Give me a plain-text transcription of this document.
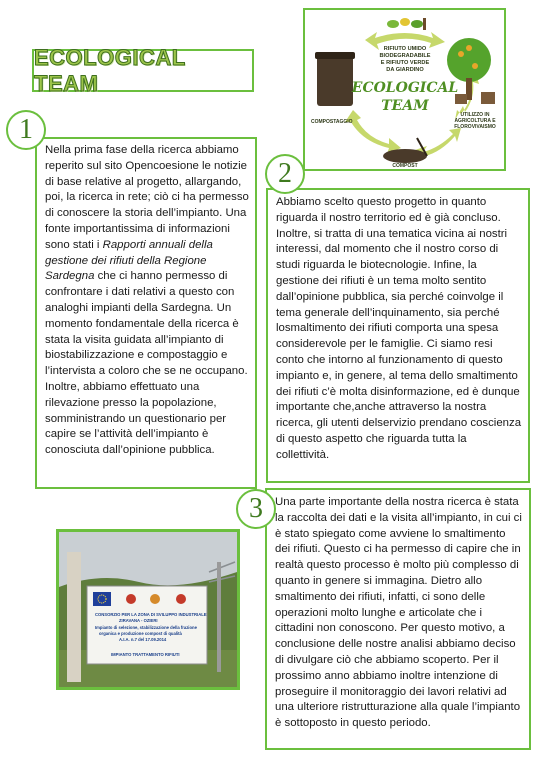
ECOLOGICAL TEAM
RIFIUTO UMIDO
BIODEGRADABILE
E RIFIUTO VERDE
DA GIARDINO
ECOLOGICAL
TEAM
COMPOSTAGGIO
UTILIZZO IN
AGRICOLTURA E
FLOROVIVAISMO
COMPOST

Nella prima fase della ricerca abbiamo reperito sul sito Opencoesione le notizie di base relative al progetto, allargando, poi, la ricerca in rete; ciò ci ha permesso di conoscere la storia dell’impianto. Una fonte importantissima di informazioni sono stati i Rapporti annuali della gestione dei rifiuti della Regione Sardegna che ci hanno permesso di confrontare i dati relativi a questo con analoghi impianti della Sardegna. Un momento fondamentale della ricerca è stata la visita guidata all’impianto di biostabilizzazione e compostaggio e l’intervista a coloro che se ne occupano. Inoltre, abbiamo effettuato una rilevazione presso la popolazione, somministrando un questionario per capire se l’attività dell’impianto è conosciuta dall’opinione pubblica.

1

Abbiamo scelto questo progetto in quanto riguarda il nostro territorio ed è già concluso. Inoltre, si tratta di una tematica vicina ai nostri interessi, dal momento che il nostro corso di studi riguarda le biotecnologie. Infine, la gestione dei rifiuti è un tema molto sentito dall’opinione pubblica, sia perché coinvolge il tema generale dell’inquinamento, sia perché losmaltimento dei rifiuti comporta una spesa considerevole per le famiglie. Ci siamo resi conto che intorno al funzionamento di questo impianto e, in genere, al tema dello smaltimento dei rifiuti c’è molta disinformazione, ed è dunque importante che,anche attraverso la nostra ricerca, gli utenti delservizio prendano coscienza di questo aspetto che riguarda tutta la collettività.

2

Una parte importante della nostra ricerca è stata la raccolta dei dati e la visita all’impianto, in cui ci è stato spiegato come avviene lo smaltimento dei rifiuti. Questo ci ha permesso di capire che in realtà questo processo è molto più complesso di quanto in genere si immagina. Dietro allo smaltimento dei rifiuti, infatti, ci sono delle operazioni molto lunghe e articolate che i cittadini non conoscono. Per questo motivo, a conclusione delle nostre analisi abbiamo deciso di divulgare ciò che abbiamo scoperto. Per il prossimo anno abbiamo inoltre intenzione di proseguire il monitoraggio dei lavori relativi ad una ulteriore ristrutturazione alla quale l’impianto è sottoposto in questo periodo.

3
CONSORZIO PER LA ZONA DI SVILUPPO INDUSTRIALE
ZIRAVANA - OZIERI
Impianto di selezione, stabilizzazione della frazione
organica e produzione compost di qualità
A.I.A. n.7 del 17.09.2014
IMPIANTO TRATTAMENTO RIFIUTI
